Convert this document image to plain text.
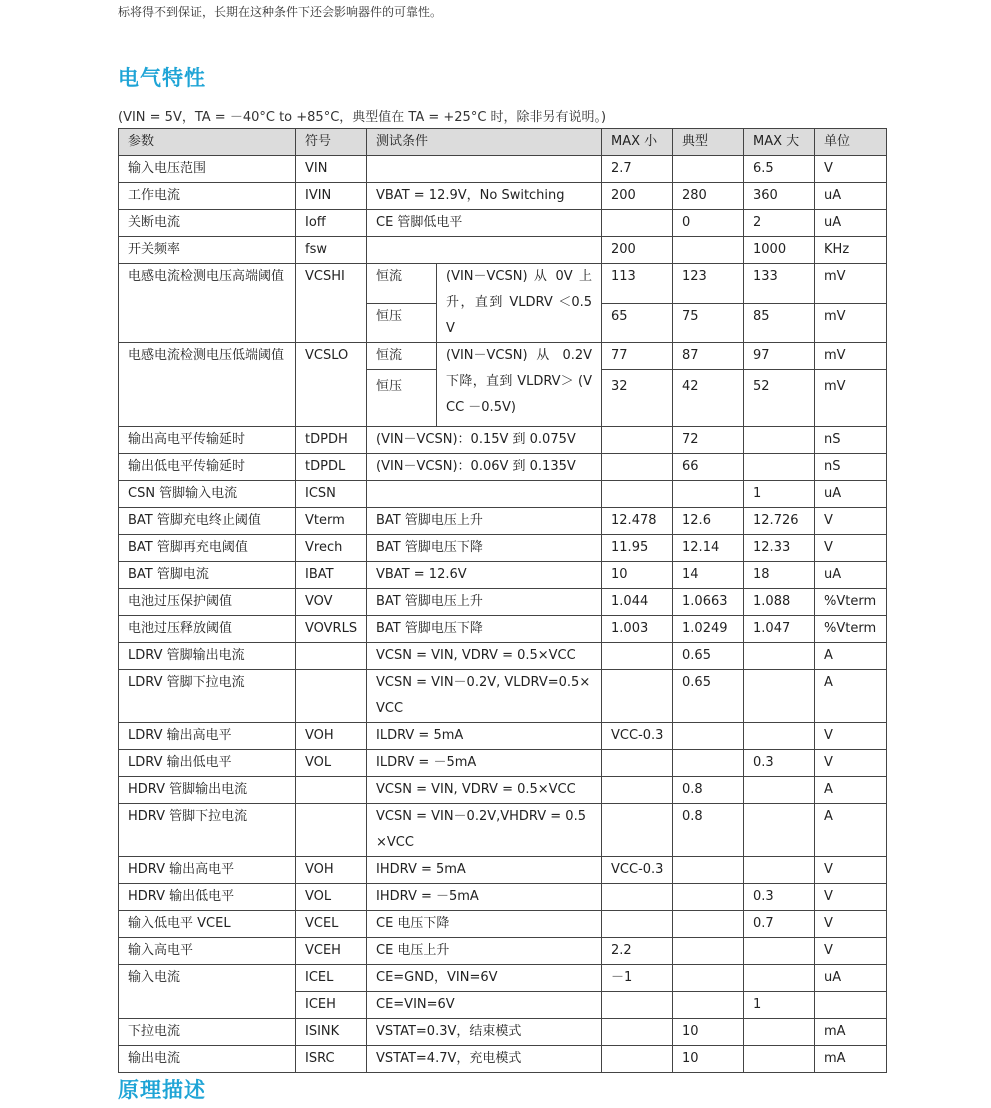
标将得不到保证，长期在这种条件下还会影响器件的可靠性。
电气特性
(VIN = 5V，TA = －40°C to +85°C，典型值在 TA = +25°C 时，除非另有说明。)
参数	符号	测试条件		MAX 小	典型	MAX 大	单位
输入电压范围	VIN			2.7		6.5	V
工作电流	IVIN	VBAT = 12.9V，No Switching		200	280	360	uA
关断电流	Ioff	CE 管脚低电平			0	2	uA
开关频率	fsw			200		1000	KHz
电感电流检测电压高端阈值	VCSHI	恒流	(VIN－VCSN) 从 0V 上升，直到 VLDRV ＜0.5V	113	123	133	mV
		恒压		65	75	85	mV
电感电流检测电压低端阈值	VCSLO	恒流	(VIN－VCSN) 从 0.2V 下降，直到 VLDRV＞ (VCC －0.5V)	77	87	97	mV
		恒压		32	42	52	mV
输出高电平传输延时	tDPDH	(VIN－VCSN)：0.15V 到 0.075V			72		nS
输出低电平传输延时	tDPDL	(VIN－VCSN)：0.06V 到 0.135V			66		nS
CSN 管脚输入电流	ICSN					1	uA
BAT 管脚充电终止阈值	Vterm	BAT 管脚电压上升		12.478	12.6	12.726	V
BAT 管脚再充电阈值	Vrech	BAT 管脚电压下降		11.95	12.14	12.33	V
BAT 管脚电流	IBAT	VBAT = 12.6V		10	14	18	uA
电池过压保护阈值	VOV	BAT 管脚电压上升		1.044	1.0663	1.088	%Vterm
电池过压释放阈值	VOVRLS	BAT 管脚电压下降		1.003	1.0249	1.047	%Vterm
LDRV 管脚输出电流		VCSN = VIN, VDRV = 0.5×VCC			0.65		A
LDRV 管脚下拉电流		VCSN = VIN－0.2V, VLDRV=0.5×VCC			0.65		A
LDRV 输出高电平	VOH	ILDRV = 5mA		VCC-0.3			V
LDRV 输出低电平	VOL	ILDRV = －5mA				0.3	V
HDRV 管脚输出电流		VCSN = VIN, VDRV = 0.5×VCC			0.8		A
HDRV 管脚下拉电流		VCSN = VIN－0.2V,VHDRV = 0.5×VCC			0.8		A
HDRV 输出高电平	VOH	IHDRV = 5mA		VCC-0.3			V
HDRV 输出低电平	VOL	IHDRV = －5mA				0.3	V
输入低电平 VCEL	VCEL	CE 电压下降				0.7	V
输入高电平	VCEH	CE 电压上升		2.2			V
输入电流	ICEL	CE=GND，VIN=6V		－1			uA
	ICEH	CE=VIN=6V				1	
下拉电流	ISINK	VSTAT=0.3V，结束模式			10		mA
输出电流	ISRC	VSTAT=4.7V，充电模式			10		mA
原理描述
